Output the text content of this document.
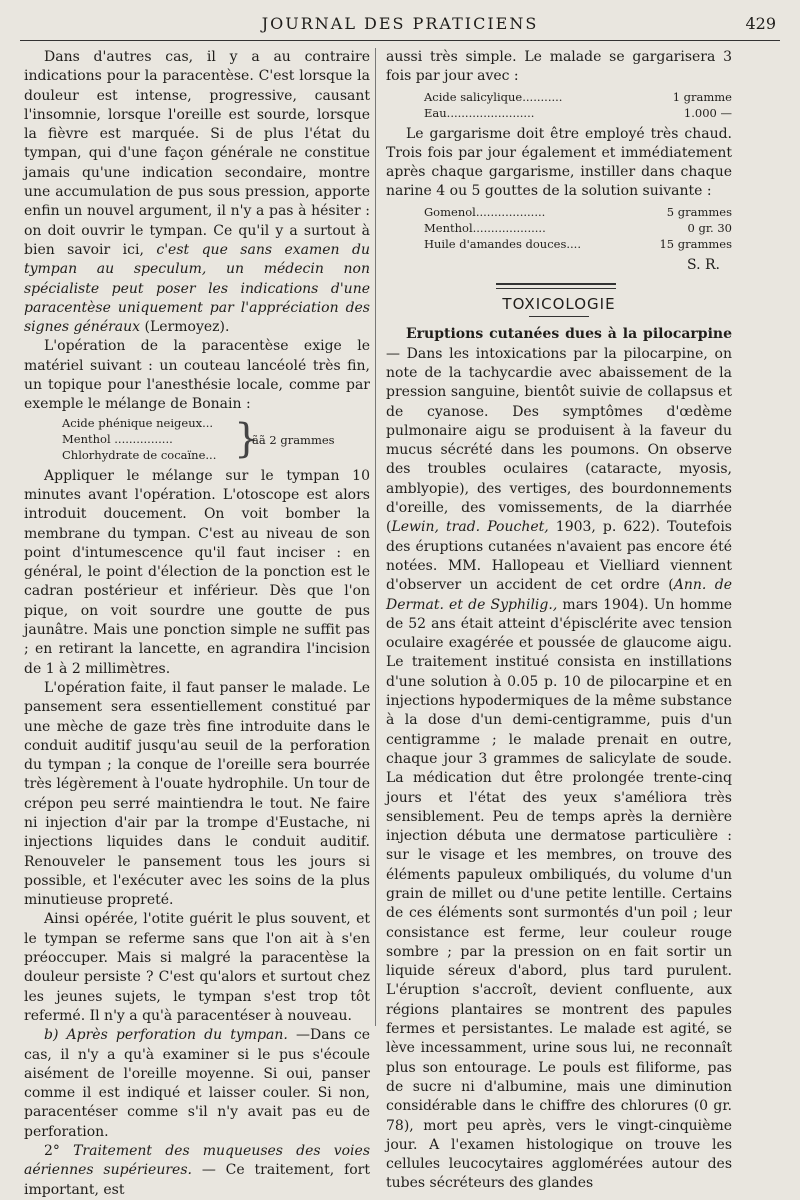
JOURNAL DES PRATICIENS	429

Dans d'autres cas, il y a au contraire indications pour la paracentèse. C'est lorsque la douleur est intense, progressive, causant l'insomnie, lorsque l'oreille est sourde, lorsque la fièvre est marquée. Si de plus l'état du tympan, qui d'une façon générale ne constitue jamais qu'une indication secondaire, montre une accumulation de pus sous pression, apporte enfin un nouvel argument, il n'y a pas à hésiter : on doit ouvrir le tympan. Ce qu'il y a surtout à bien savoir ici, c'est que sans examen du tympan au speculum, un médecin non spécialiste peut poser les indications d'une paracentèse uniquement par l'appréciation des signes généraux (Lermoyez).

L'opération de la paracentèse exige le matériel suivant : un couteau lancéolé très fin, un topique pour l'anesthésie locale, comme par exemple le mélange de Bonain :

Acide phénique neigeux...
Menthol ................
Chlorhydrate de cocaïne... }
ãã 2 grammes

Appliquer le mélange sur le tympan 10 minutes avant l'opération. L'otoscope est alors introduit doucement. On voit bomber la membrane du tympan. C'est au niveau de son point d'intumescence qu'il faut inciser : en général, le point d'élection de la ponction est le cadran postérieur et inférieur. Dès que l'on pique, on voit sourdre une goutte de pus jaunâtre. Mais une ponction simple ne suffit pas ; en retirant la lancette, en agrandira l'incision de 1 à 2 millimètres.

L'opération faite, il faut panser le malade. Le pansement sera essentiellement constitué par une mèche de gaze très fine introduite dans le conduit auditif jusqu'au seuil de la perforation du tympan ; la conque de l'oreille sera bourrée très légèrement à l'ouate hydrophile. Un tour de crépon peu serré maintiendra le tout. Ne faire ni injection d'air par la trompe d'Eustache, ni injections liquides dans le conduit auditif. Renouveler le pansement tous les jours si possible, et l'exécuter avec les soins de la plus minutieuse propreté.

Ainsi opérée, l'otite guérit le plus souvent, et le tympan se referme sans que l'on ait à s'en préoccuper. Mais si malgré la paracentèse la douleur persiste ? C'est qu'alors et surtout chez les jeunes sujets, le tympan s'est trop tôt refermé. Il n'y a qu'à paracentéser à nouveau.

b) Après perforation du tympan. —Dans ce cas, il n'y a qu'à examiner si le pus s'écoule aisément de l'oreille moyenne. Si oui, panser comme il est indiqué et laisser couler. Si non, paracentéser comme s'il n'y avait pas eu de perforation.

2° Traitement des muqueuses des voies aériennes supérieures. — Ce traitement, fort important, est

aussi très simple. Le malade se gargarisera 3 fois par jour avec :

Acide salicylique...........	1 gramme
Eau........................	1.000 —

Le gargarisme doit être employé très chaud. Trois fois par jour également et immédiatement après chaque gargarisme, instiller dans chaque narine 4 ou 5 gouttes de la solution suivante :

Gomenol...................	5 grammes
Menthol....................	0 gr. 30
Huile d'amandes douces....	15 grammes

S. R.

TOXICOLOGIE

Eruptions cutanées dues à la pilocarpine — Dans les intoxications par la pilocarpine, on note de la tachycardie avec abaissement de la pression sanguine, bientôt suivie de collapsus et de cyanose. Des symptômes d'œdème pulmonaire aigu se produisent à la faveur du mucus sécrété dans les poumons. On observe des troubles oculaires (cataracte, myosis, amblyopie), des vertiges, des bourdonnements d'oreille, des vomissements, de la diarrhée (Lewin, trad. Pouchet, 1903, p. 622). Toutefois des éruptions cutanées n'avaient pas encore été notées. MM. Hallopeau et Vielliard viennent d'observer un accident de cet ordre (Ann. de Dermat. et de Syphilig., mars 1904). Un homme de 52 ans était atteint d'épisclérite avec tension oculaire exagérée et poussée de glaucome aigu. Le traitement institué consista en instillations d'une solution à 0.05 p. 10 de pilocarpine et en injections hypodermiques de la même substance à la dose d'un demi-centigramme, puis d'un centigramme ; le malade prenait en outre, chaque jour 3 grammes de salicylate de soude. La médication dut être prolongée trente-cinq jours et l'état des yeux s'améliora très sensiblement. Peu de temps après la dernière injection débuta une dermatose particulière : sur le visage et les membres, on trouve des éléments papuleux ombiliqués, du volume d'un grain de millet ou d'une petite lentille. Certains de ces éléments sont surmontés d'un poil ; leur consistance est ferme, leur couleur rouge sombre ; par la pression on en fait sortir un liquide séreux d'abord, plus tard purulent. L'éruption s'accroît, devient confluente, aux régions plantaires se montrent des papules fermes et persistantes. Le malade est agité, se lève incessamment, urine sous lui, ne reconnaît plus son entourage. Le pouls est filiforme, pas de sucre ni d'albumine, mais une diminution considérable dans le chiffre des chlorures (0 gr. 78), mort peu après, vers le vingt-cinquième jour. A l'examen histologique on trouve les cellules leucocytaires agglomérées autour des tubes sécréteurs des glandes
